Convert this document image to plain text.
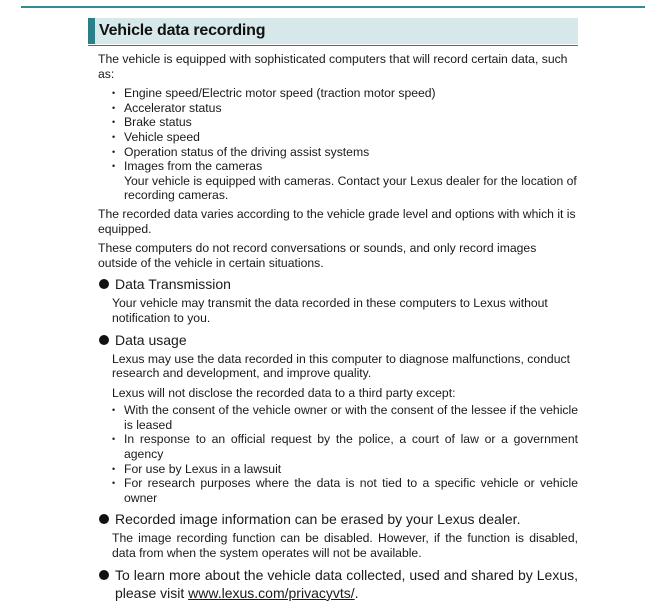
Vehicle data recording

The vehicle is equipped with sophisticated computers that will record certain data, such as:

• Engine speed/Electric motor speed (traction motor speed)
• Accelerator status
• Brake status
• Vehicle speed
• Operation status of the driving assist systems
• Images from the cameras

Your vehicle is equipped with cameras. Contact your Lexus dealer for the location of recording cameras.

The recorded data varies according to the vehicle grade level and options with which it is equipped.

These computers do not record conversations or sounds, and only record images outside of the vehicle in certain situations.

Data Transmission

Your vehicle may transmit the data recorded in these computers to Lexus without notification to you.

Data usage

Lexus may use the data recorded in this computer to diagnose malfunctions, conduct research and development, and improve quality.

Lexus will not disclose the recorded data to a third party except:

• With the consent of the vehicle owner or with the consent of the lessee if the vehicle is leased
• In response to an official request by the police, a court of law or a government agency
• For use by Lexus in a lawsuit
• For research purposes where the data is not tied to a specific vehicle or vehicle owner
Recorded image information can be erased by your Lexus dealer.

The image recording function can be disabled. However, if the function is disabled, data from when the system operates will not be available.

To learn more about the vehicle data collected, used and shared by Lexus, please visit www.lexus.com/privacyvts/.
